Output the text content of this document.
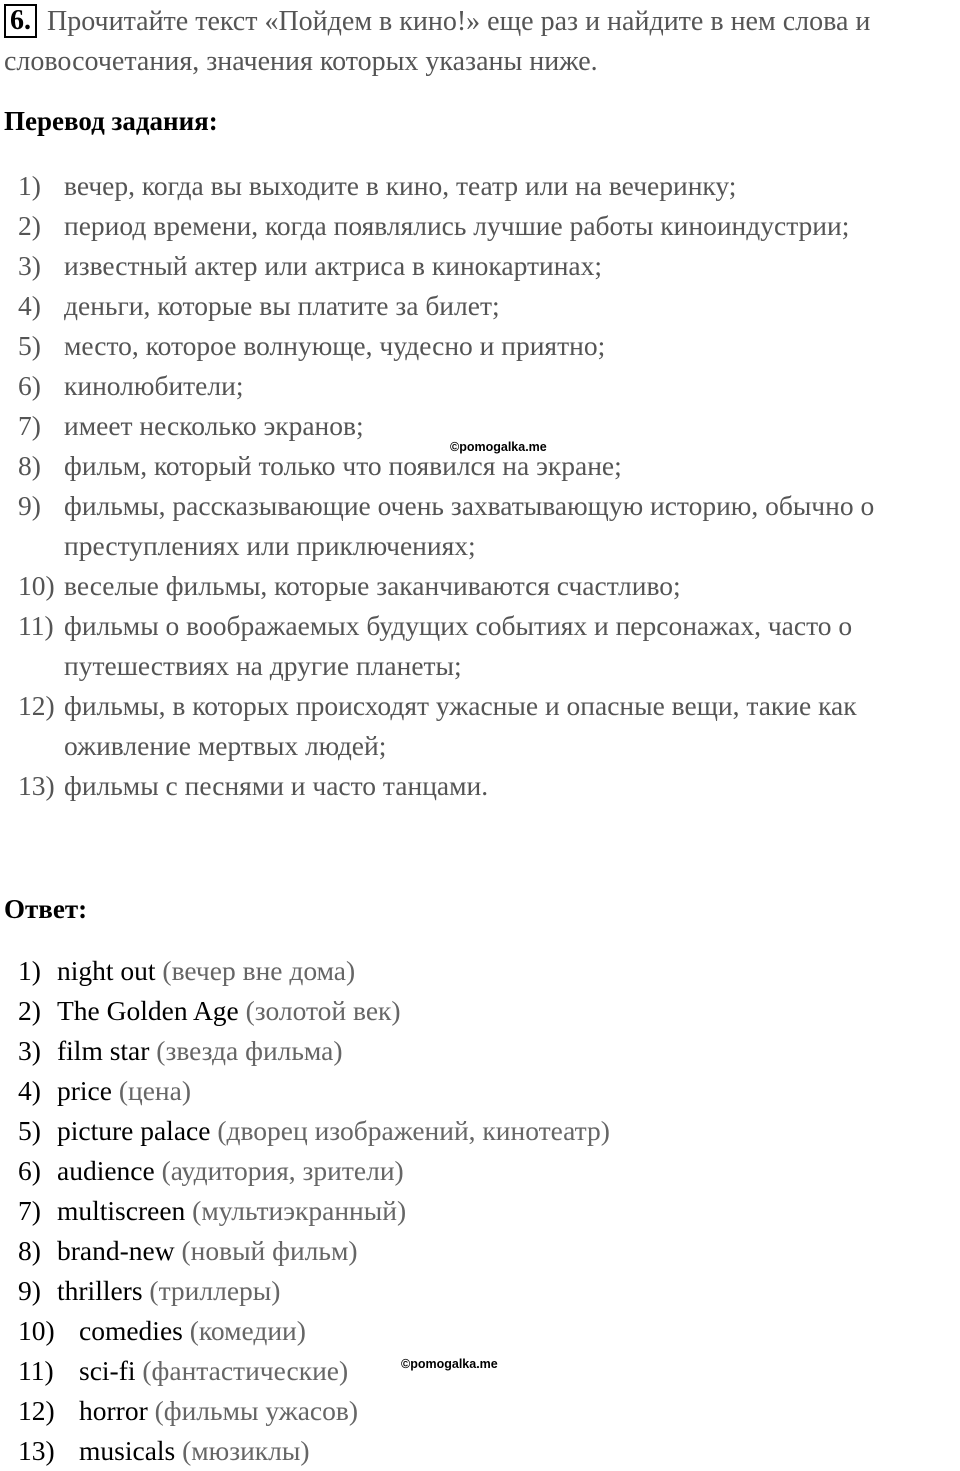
6. Прочитайте текст «Пойдем в кино!» еще раз и найдите в нем слова и словосочетания, значения которых указаны ниже.
Перевод задания:
1) вечер, когда вы выходите в кино, театр или на вечеринку;
2) период времени, когда появлялись лучшие работы киноиндустрии;
3) известный актер или актриса в кинокартинах;
4) деньги, которые вы платите за билет;
5) место, которое волнующе, чудесно и приятно;
6) кинолюбители;
7) имеет несколько экранов;
8) фильм, который только что появился на экране;
9) фильмы, рассказывающие очень захватывающую историю, обычно о преступлениях или приключениях;
10) веселые фильмы, которые заканчиваются счастливо;
11) фильмы о воображаемых будущих событиях и персонажах, часто о путешествиях на другие планеты;
12) фильмы, в которых происходят ужасные и опасные вещи, такие как оживление мертвых людей;
13) фильмы с песнями и часто танцами.
Ответ:
1) night out (вечер вне дома)
2) The Golden Age (золотой век)
3) film star (звезда фильма)
4) price (цена)
5) picture palace (дворец изображений, кинотеатр)
6) audience (аудитория, зрители)
7) multiscreen (мультиэкранный)
8) brand-new (новый фильм)
9) thrillers (триллеры)
10) comedies (комедии)
11) sci-fi (фантастические)
12) horror (фильмы ужасов)
13) musicals (мюзиклы)
©pomogalka.me
©pomogalka.me
